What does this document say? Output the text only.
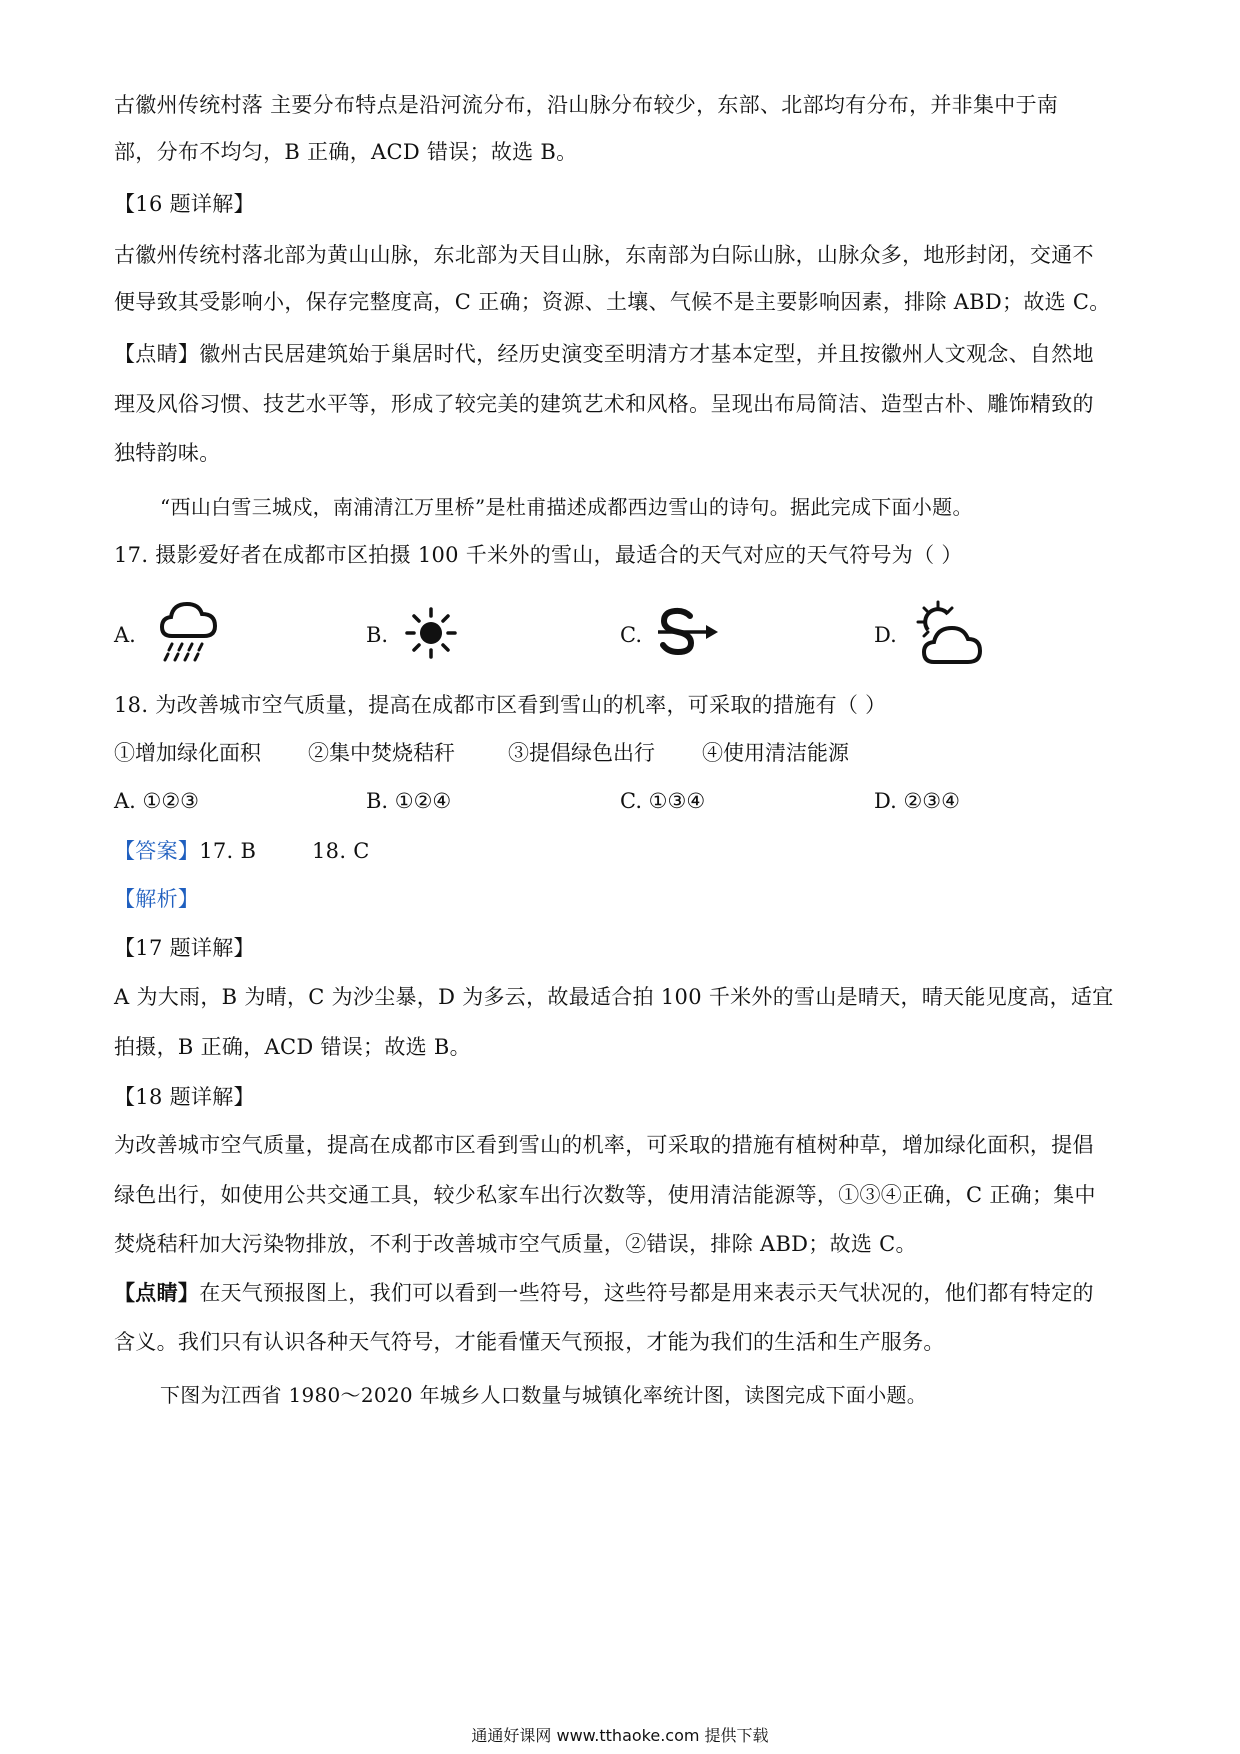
古徽州传统村落 主要分布特点是沿河流分布，沿山脉分布较少，东部、北部均有分布，并非集中于南
部，分布不均匀，B 正确，ACD 错误；故选 B。
【16 题详解】
古徽州传统村落北部为黄山山脉，东北部为天目山脉，东南部为白际山脉，山脉众多，地形封闭，交通不
便导致其受影响小，保存完整度高，C 正确；资源、土壤、气候不是主要影响因素，排除 ABD；故选 C。
【点睛】徽州古民居建筑始于巢居时代，经历史演变至明清方才基本定型，并且按徽州人文观念、自然地
理及风俗习惯、技艺水平等，形成了较完美的建筑艺术和风格。呈现出布局简洁、造型古朴、雕饰精致的
独特韵味。
“西山白雪三城戍，南浦清江万里桥”是杜甫描述成都西边雪山的诗句。据此完成下面小题。
17. 摄影爱好者在成都市区拍摄 100 千米外的雪山，最适合的天气对应的天气符号为（ ）
A.	B.	C.	D.
18. 为改善城市空气质量，提高在成都市区看到雪山的机率，可采取的措施有（ ）
①增加绿化面积 ②集中焚烧秸秆	③提倡绿色出行 ④使用清洁能源
A. ①②③	B. ①②④	C. ①③④	D. ②③④
【答案】17. B        18. C
【解析】
【17 题详解】
A 为大雨，B 为晴，C 为沙尘暴，D 为多云，故最适合拍 100 千米外的雪山是晴天，晴天能见度高，适宜
拍摄，B 正确，ACD 错误；故选 B。
【18 题详解】
为改善城市空气质量，提高在成都市区看到雪山的机率，可采取的措施有植树种草，增加绿化面积，提倡
绿色出行，如使用公共交通工具，较少私家车出行次数等，使用清洁能源等，①③④正确，C 正确；集中
焚烧秸秆加大污染物排放，不利于改善城市空气质量，②错误，排除 ABD；故选 C。
【点睛】在天气预报图上，我们可以看到一些符号，这些符号都是用来表示天气状况的，他们都有特定的
含义。我们只有认识各种天气符号，才能看懂天气预报，才能为我们的生活和生产服务。
下图为江西省 1980～2020 年城乡人口数量与城镇化率统计图，读图完成下面小题。
通通好课网 www.tthaoke.com 提供下载
